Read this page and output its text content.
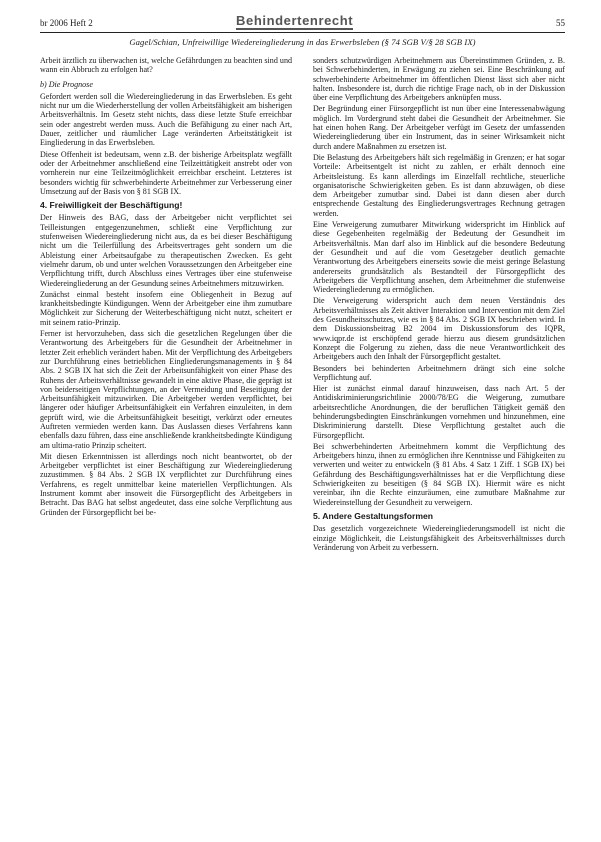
br 2006 Heft 2	Behindertenrecht	55
Gagel/Schian, Unfreiwillige Wiedereingliederung in das Erwerbsleben (§ 74 SGB V/§ 28 SGB IX)

Arbeit ärztlich zu überwachen ist, welche Gefährdungen zu beachten sind und wann ein Abbruch zu erfolgen hat?

b) Die Prognose

Gefordert werden soll die Wiedereingliederung in das Erwerbsleben. Es geht nicht nur um die Wiederherstellung der vollen Arbeitsfähigkeit am bisherigen Arbeitsverhältnis. Im Gesetz steht nichts, dass diese letzte Stufe erreichbar sein oder angestrebt werden muss. Auch die Befähigung zu einer nach Art, Dauer, zeitlicher und räumlicher Lage veränderten Arbeitstätigkeit ist Eingliederung in das Erwerbsleben.

Diese Offenheit ist bedeutsam, wenn z.B. der bisherige Arbeitsplatz wegfällt oder der Arbeitnehmer anschließend eine Teilzeittätigkeit anstrebt oder von vornherein nur eine Teilzeitmöglichkeit erreichbar erscheint. Letzteres ist besonders wichtig für schwerbehinderte Arbeitnehmer zur Verbesserung einer Umsetzung auf der Basis von § 81 SGB IX.

4. Freiwilligkeit der Beschäftigung!

Der Hinweis des BAG, dass der Arbeitgeber nicht verpflichtet sei Teilleistungen entgegenzunehmen, schließt eine Verpflichtung zur stufenweisen Wiedereingliederung nicht aus, da es bei dieser Beschäftigung nicht um die Teilerfüllung des Arbeitsvertrages geht sondern um die Ableistung einer Arbeitsaufgabe zu therapeutischen Zwecken. Es geht vielmehr darum, ob und unter welchen Voraussetzungen den Arbeitgeber eine Verpflichtung trifft, durch Abschluss eines Vertrages über eine stufenweise Wiedereingliederung an der Gesundung seines Arbeitnehmers mitzuwirken.

Zunächst einmal besteht insofern eine Obliegenheit in Bezug auf krankheitsbedingte Kündigungen. Wenn der Arbeitgeber eine ihm zumutbare Möglichkeit zur Sicherung der Weiterbeschäftigung nicht nutzt, scheitert er mit seinem ratio-Prinzip.

Ferner ist hervorzuheben, dass sich die gesetzlichen Regelungen über die Verantwortung des Arbeitgebers für die Gesundheit der Arbeitnehmer in letzter Zeit erheblich verändert haben. Mit der Verpflichtung des Arbeitgebers zur Durchführung eines betrieblichen Eingliederungsmanagements in § 84 Abs. 2 SGB IX hat sich die Zeit der Arbeitsunfähigkeit von einer Phase des Ruhens der Arbeitsverhältnisse gewandelt in eine aktive Phase, die geprägt ist von beiderseitigen Verpflichtungen, an der Vermeidung und Beseitigung der Arbeitsunfähigkeit mitzuwirken. Die Arbeitgeber werden verpflichtet, bei längerer oder häufiger Arbeitsunfähigkeit ein Verfahren einzuleiten, in dem geprüft wird, wie die Arbeitsunfähigkeit beseitigt, verkürzt oder erneutes Auftreten vermieden werden kann. Das Auslassen dieses Verfahrens kann ebenfalls dazu führen, dass eine anschließende krankheitsbedingte Kündigung am ultima-ratio Prinzip scheitert.

Mit diesen Erkenntnissen ist allerdings noch nicht beantwortet, ob der Arbeitgeber verpflichtet ist einer Beschäftigung zur Wiedereingliederung zuzustimmen. § 84 Abs. 2 SGB IX verpflichtet zur Durchführung eines Verfahrens, es regelt unmittelbar keine materiellen Verpflichtungen. Als Instrument kommt aber insoweit die Fürsorgepflicht des Arbeitgebers in Betracht. Das BAG hat selbst angedeutet, dass eine solche Verpflichtung aus Gründen der Fürsorgepflicht bei be-

sonders schutzwürdigen Arbeitnehmern aus Übereinstimmen Gründen, z. B. bei Schwerbehinderten, in Erwägung zu ziehen sei. Eine Beschränkung auf schwerbehinderte Arbeitnehmer im öffentlichen Dienst lässt sich aber nicht halten. Insbesondere ist, durch die richtige Frage nach, ob in der Diskussion über eine Verpflichtung des Arbeitgebers anknüpfen muss.

Der Begründung einer Fürsorgepflicht ist nun über eine Interessenabwägung möglich. Im Vordergrund steht dabei die Gesundheit der Arbeitnehmer. Sie hat einen hohen Rang. Der Arbeitgeber verfügt im Gesetz der umfassenden Wiedereingliederung über ein Instrument, das in seiner Wirksamkeit nicht durch andere Maßnahmen zu ersetzen ist.

Die Belastung des Arbeitgebers hält sich regelmäßig in Grenzen; er hat sogar Vorteile: Arbeitsentgelt ist nicht zu zahlen, er erhält dennoch eine Arbeitsleistung. Es kann allerdings im Einzelfall rechtliche, steuerliche organisatorische Schwierigkeiten geben. Es ist dann abzuwägen, ob diese dem Arbeitgeber zumutbar sind. Dabei ist dann diesen aber durch entsprechende Gestaltung des Eingliederungsvertrages Rechnung getragen werden.

Eine Verweigerung zumutbarer Mitwirkung widerspricht im Hinblick auf diese Gegebenheiten regelmäßig der Bedeutung der Gesundheit im Arbeitsverhältnis. Man darf also im Hinblick auf die besondere Bedeutung der Gesundheit und auf die vom Gesetzgeber deutlich gemachte Verantwortung des Arbeitgebers einerseits sowie die meist geringe Belastung andererseits grundsätzlich als Bestandteil der Fürsorgepflicht des Arbeitgebers die Verpflichtung ansehen, dem Arbeitnehmer die stufenweise Wiedereingliederung zu ermöglichen.

Die Verweigerung widerspricht auch dem neuen Verständnis des Arbeitsverhältnisses als Zeit aktiver Interaktion und Intervention mit dem Ziel des Gesundheitsschutzes, wie es in § 84 Abs. 2 SGB IX beschrieben wird. In dem Diskussionsbeitrag B2 2004 im Diskussionsforum des IQPR, www.iqpr.de ist erschöpfend gerade hierzu aus diesem grundsätzlichen Konzept die Folgerung zu ziehen, dass die neue Verantwortlichkeit des Arbeitgebers auch den Inhalt der Fürsorgepflicht gestaltet.

Besonders bei behinderten Arbeitnehmern drängt sich eine solche Verpflichtung auf.

Hier ist zunächst einmal darauf hinzuweisen, dass nach Art. 5 der Antidiskriminierungsrichtlinie 2000/78/EG die Weigerung, zumutbare arbeitsrechtliche Anordnungen, die der beruflichen Tätigkeit gemäß den behinderungsbedingten Einschränkungen vornehmen und hinzunehmen, eine Diskriminierung darstellt. Diese Verpflichtung gestaltet auch die Fürsorgepflicht.

Bei schwerbehinderten Arbeitnehmern kommt die Verpflichtung des Arbeitgebers hinzu, ihnen zu ermöglichen ihre Kenntnisse und Fähigkeiten zu verwerten und weiter zu entwickeln (§ 81 Abs. 4 Satz 1 Ziff. 1 SGB IX) bei Gefährdung des Beschäftigungsverhältnisses hat er die Verpflichtung diese Schwierigkeiten zu beseitigen (§ 84 SGB IX). Hiermit wäre es nicht vereinbar, ihn die Rechte einzuräumen, eine zumutbare Maßnahme zur Wiedereinstellung der Gesundheit zu verweigern.

5. Andere Gestaltungsformen

Das gesetzlich vorgezeichnete Wiedereingliederungsmodell ist nicht die einzige Möglichkeit, die Leistungsfähigkeit des Arbeitsverhältnisses durch Veränderung von Arbeit zu verbessern.
